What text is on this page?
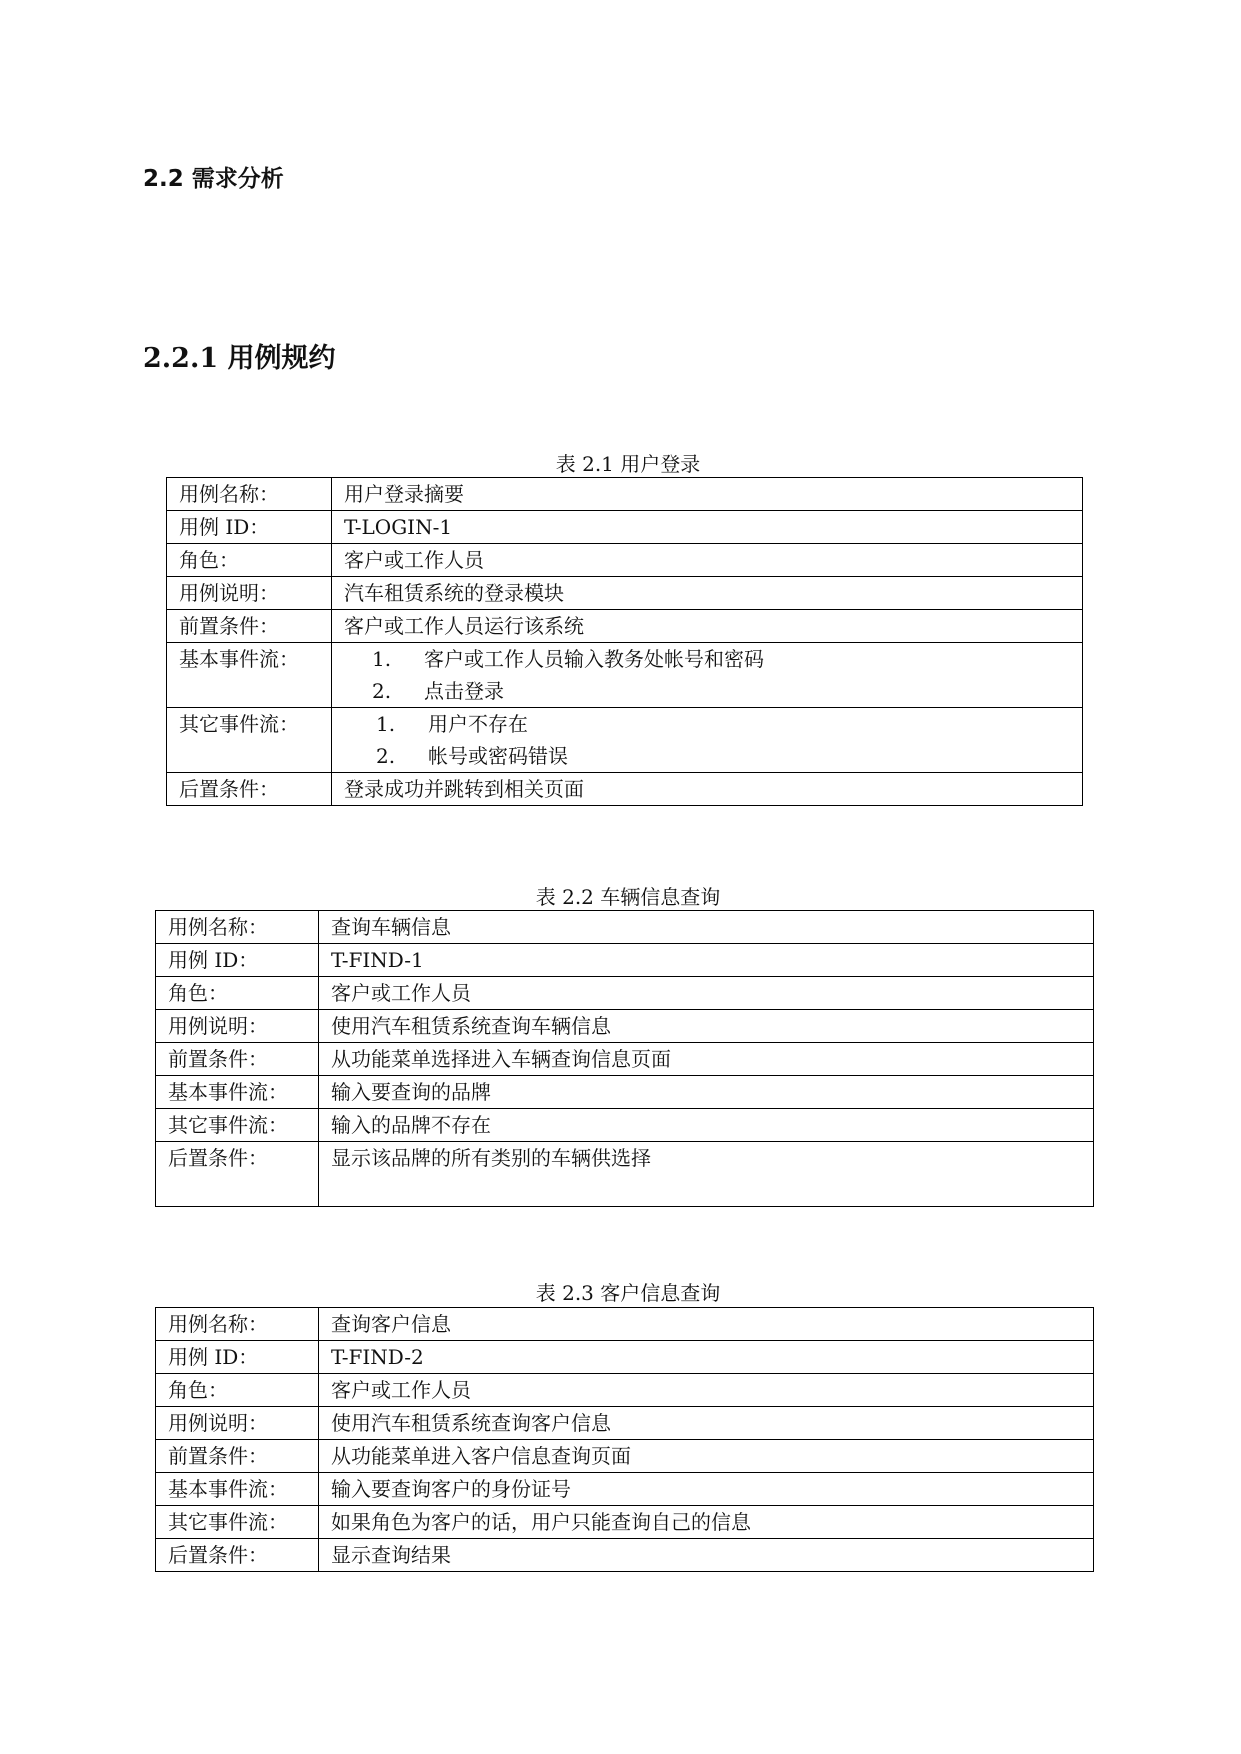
2.2 需求分析
2.2.1 用例规约
表 2.1 用户登录
用例名称：	用户登录摘要
用例 ID：	T-LOGIN-1
角色：	客户或工作人员
用例说明：	汽车租赁系统的登录模块
前置条件：	客户或工作人员运行该系统
基本事件流：	1. 客户或工作人员输入教务处帐号和密码
2. 点击登录

其它事件流：	1. 用户不存在
2. 帐号或密码错误

后置条件：	登录成功并跳转到相关页面
表 2.2 车辆信息查询
用例名称：	查询车辆信息
用例 ID：	T-FIND-1
角色：	客户或工作人员
用例说明：	使用汽车租赁系统查询车辆信息
前置条件：	从功能菜单选择进入车辆查询信息页面
基本事件流：	输入要查询的品牌
其它事件流：	输入的品牌不存在
后置条件：	显示该品牌的所有类别的车辆供选择
表 2.3 客户信息查询
用例名称：	查询客户信息
用例 ID：	T-FIND-2
角色：	客户或工作人员
用例说明：	使用汽车租赁系统查询客户信息
前置条件：	从功能菜单进入客户信息查询页面
基本事件流：	输入要查询客户的身份证号
其它事件流：	如果角色为客户的话，用户只能查询自己的信息
后置条件：	显示查询结果
